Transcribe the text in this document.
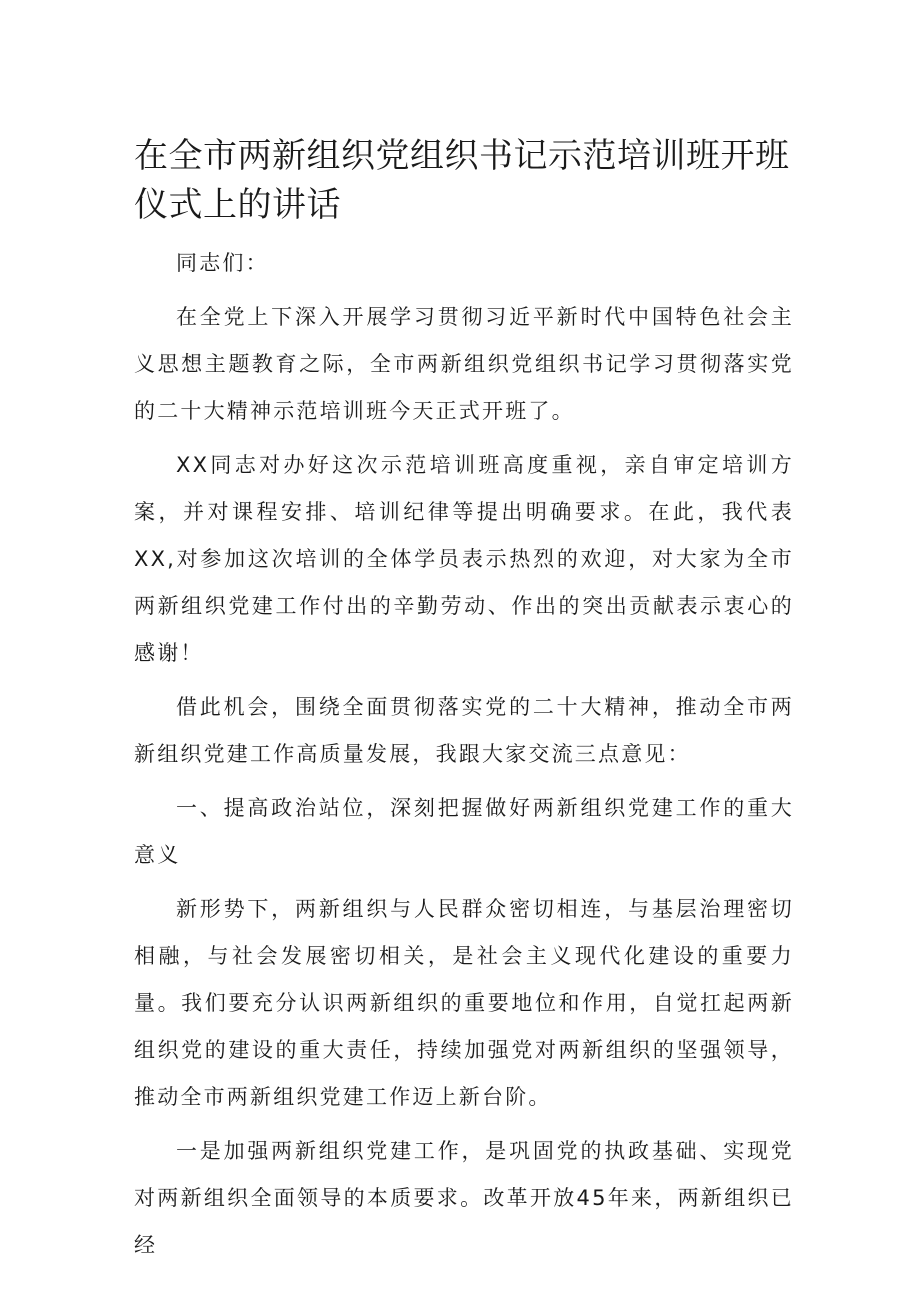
在全市两新组织党组织书记示范培训班开班仪式上的讲话

同志们：

在全党上下深入开展学习贯彻习近平新时代中国特色社会主义思想主题教育之际，全市两新组织党组织书记学习贯彻落实党的二十大精神示范培训班今天正式开班了。

XX同志对办好这次示范培训班高度重视，亲自审定培训方案，并对课程安排、培训纪律等提出明确要求。在此，我代表XX,对参加这次培训的全体学员表示热烈的欢迎，对大家为全市两新组织党建工作付出的辛勤劳动、作出的突出贡献表示衷心的感谢！

借此机会，围绕全面贯彻落实党的二十大精神，推动全市两新组织党建工作高质量发展，我跟大家交流三点意见：

一、提高政治站位，深刻把握做好两新组织党建工作的重大意义

新形势下，两新组织与人民群众密切相连，与基层治理密切相融，与社会发展密切相关，是社会主义现代化建设的重要力量。我们要充分认识两新组织的重要地位和作用，自觉扛起两新组织党的建设的重大责任，持续加强党对两新组织的坚强领导，推动全市两新组织党建工作迈上新台阶。

一是加强两新组织党建工作，是巩固党的执政基础、实现党对两新组织全面领导的本质要求。改革开放45年来，两新组织已经
